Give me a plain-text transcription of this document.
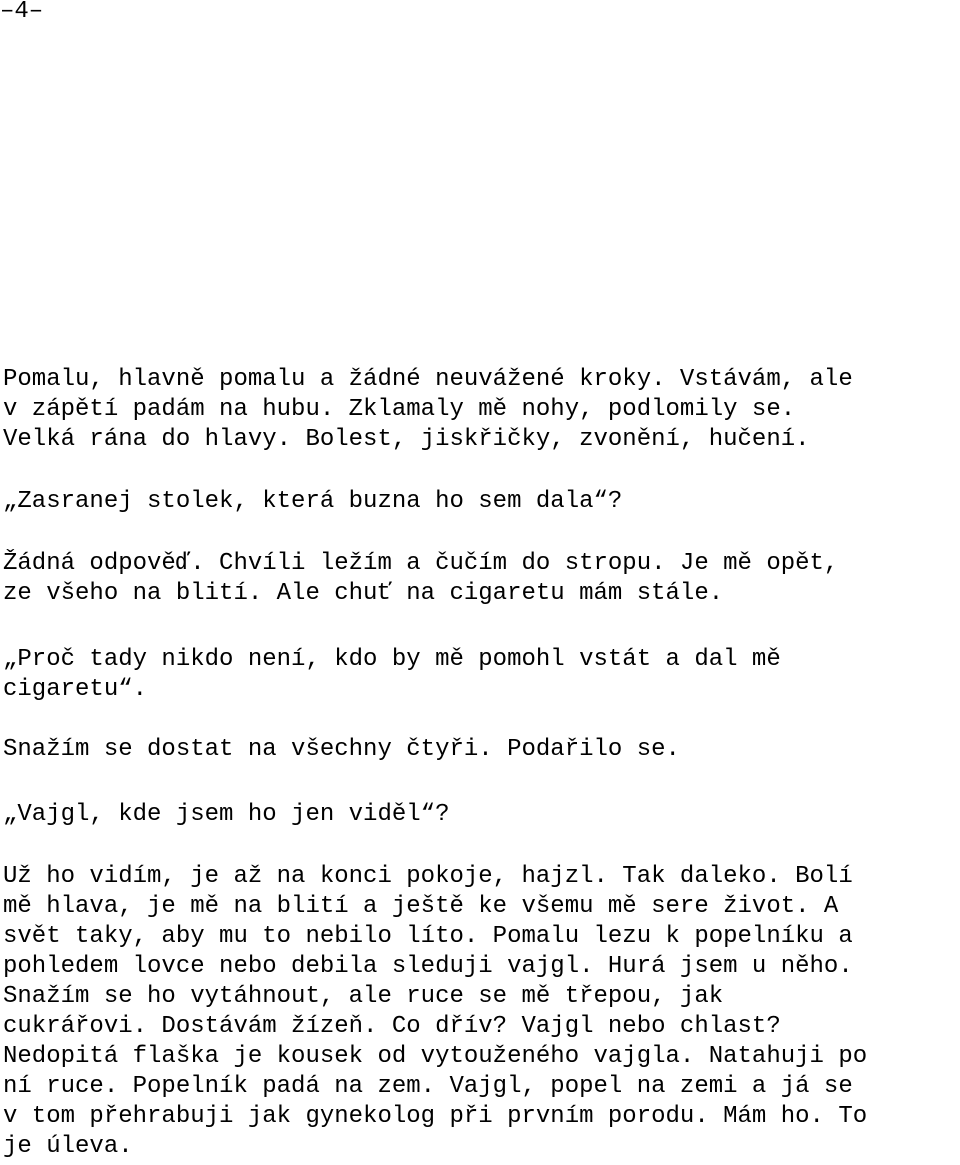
–4–
Pomalu, hlavně pomalu a žádné neuvážené kroky. Vstávám, ale
v zápětí padám na hubu. Zklamaly mě nohy, podlomily se.
Velká rána do hlavy. Bolest, jiskřičky, zvonění, hučení.
„Zasranej stolek, která buzna ho sem dala“?
Žádná odpověď. Chvíli ležím a čučím do stropu. Je mě opět,
ze všeho na blití. Ale chuť na cigaretu mám stále.
„Proč tady nikdo není, kdo by mě pomohl vstát a dal mě
cigaretu“.
Snažím se dostat na všechny čtyři. Podařilo se.
„Vajgl, kde jsem ho jen viděl“?
Už ho vidím, je až na konci pokoje, hajzl. Tak daleko. Bolí
mě hlava, je mě na blití a ještě ke všemu mě sere život. A
svět taky, aby mu to nebilo líto. Pomalu lezu k popelníku a
pohledem lovce nebo debila sleduji vajgl. Hurá jsem u něho.
Snažím se ho vytáhnout, ale ruce se mě třepou, jak
cukrářovi. Dostávám žízeň. Co dřív? Vajgl nebo chlast?
Nedopitá flaška je kousek od vytouženého vajgla. Natahuji po
ní ruce. Popelník padá na zem. Vajgl, popel na zemi a já se
v tom přehrabuji jak gynekolog při prvním porodu. Mám ho. To
je úleva.
